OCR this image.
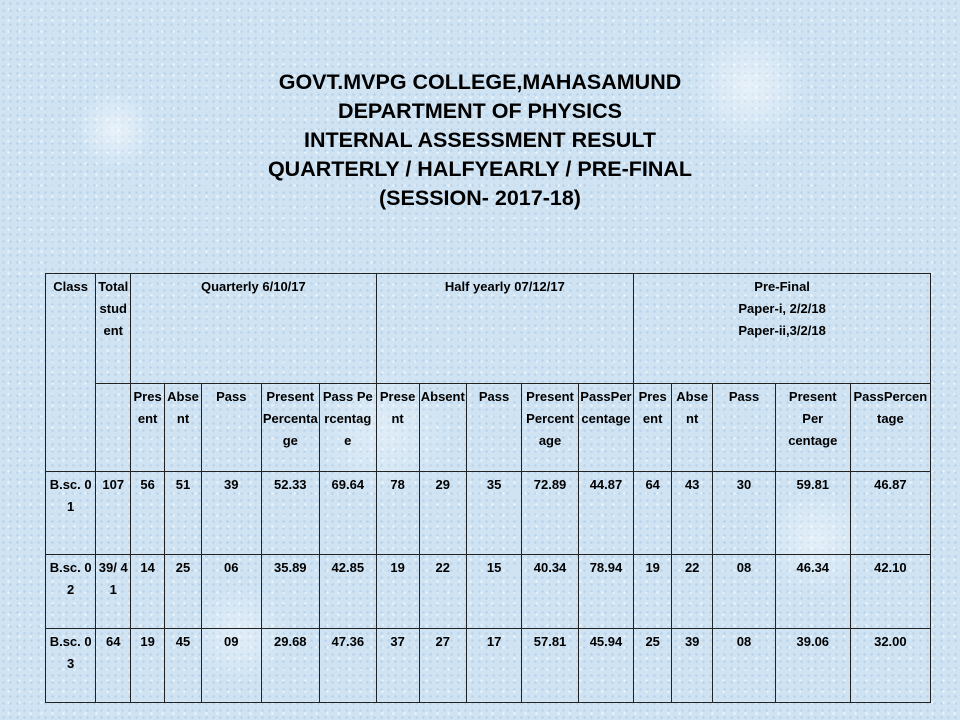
GOVT.MVPG COLLEGE,MAHASAMUND
DEPARTMENT OF PHYSICS
INTERNAL ASSESSMENT RESULT
QUARTERLY / HALFYEARLY / PRE-FINAL
(SESSION- 2017-18)
Class	Total student	Quarterly 6/10/17					Half yearly 07/12/17					Pre-Final
Paper-i, 2/2/18
Paper-ii,3/2/18				

		Present	Absent	Pass	PresentPercentage	Pass Percentage	Present	Absent	Pass	PresentPercentage	PassPercentage	Present	Absent	Pass	Present Per centage	PassPercentage
B.sc. 01	107	56	51	39	52.33	69.64	78	29	35	72.89	44.87	64	43	30	59.81	46.87
B.sc. 02	39/ 41	14	25	06	35.89	42.85	19	22	15	40.34	78.94	19	22	08	46.34	42.10
B.sc. 03	64	19	45	09	29.68	47.36	37	27	17	57.81	45.94	25	39	08	39.06	32.00
